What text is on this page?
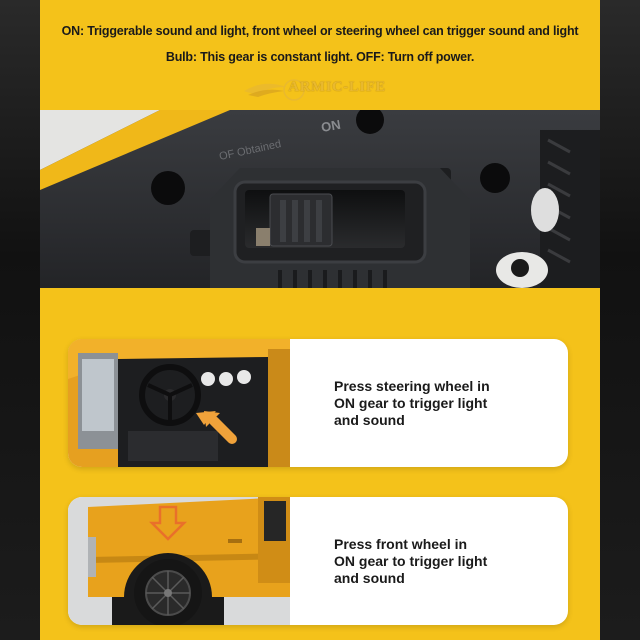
ON: Triggerable sound and light, front wheel or steering wheel can trigger sound and light
Bulb: This gear is constant light. OFF: Turn off power.
ARMIC-LIFE
OF Obtained
ON
Press steering wheel in
ON gear to trigger light
and sound
Press front wheel in
ON gear to trigger light
and sound
